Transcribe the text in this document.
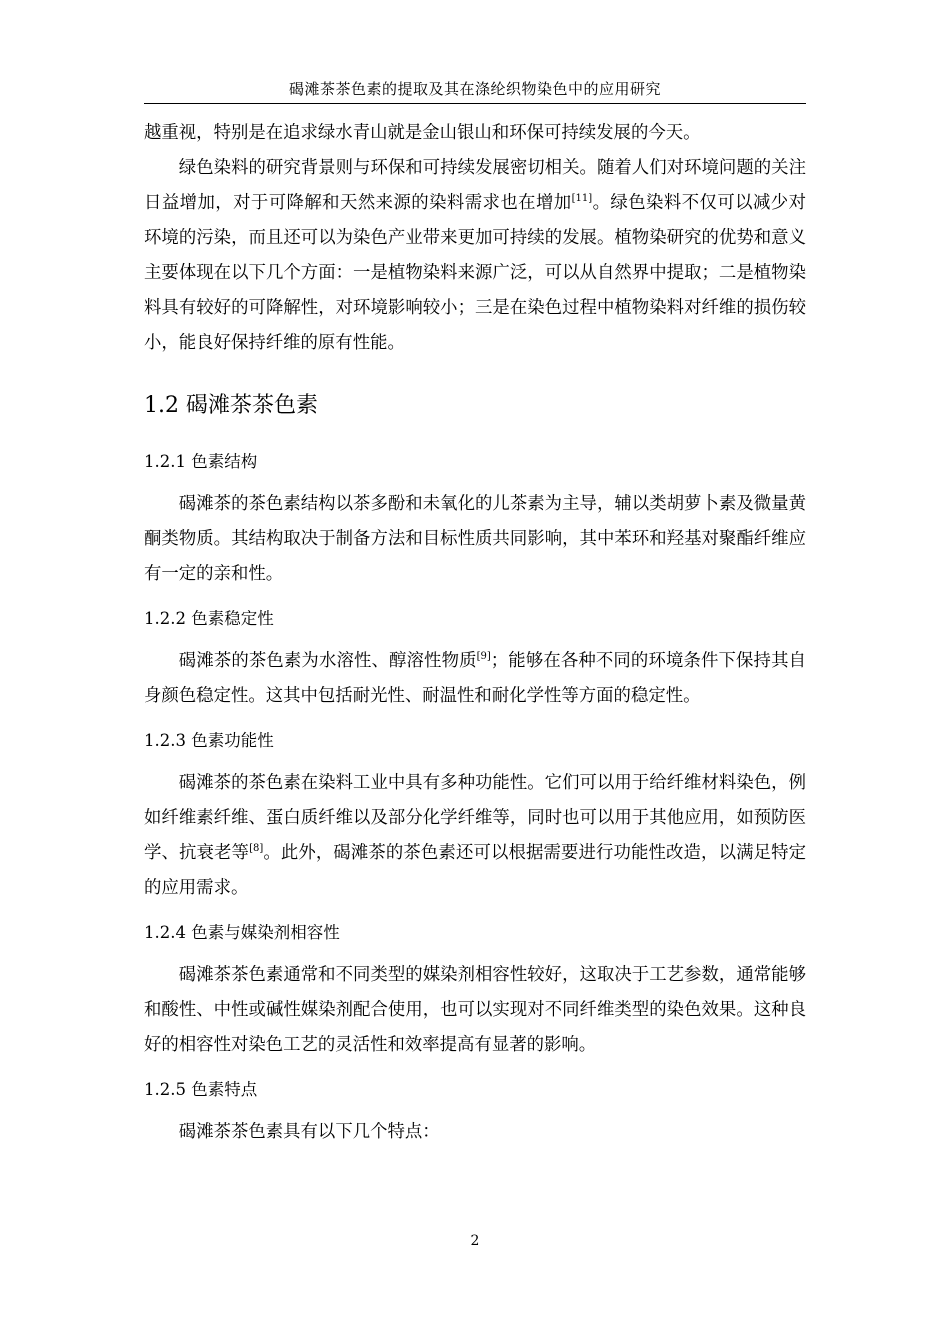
碣滩茶茶色素的提取及其在涤纶织物染色中的应用研究

越重视，特别是在追求绿水青山就是金山银山和环保可持续发展的今天。

绿色染料的研究背景则与环保和可持续发展密切相关。随着人们对环境问题的关注日益增加，对于可降解和天然来源的染料需求也在增加[11]。绿色染料不仅可以减少对环境的污染，而且还可以为染色产业带来更加可持续的发展。植物染研究的优势和意义主要体现在以下几个方面：一是植物染料来源广泛，可以从自然界中提取；二是植物染料具有较好的可降解性，对环境影响较小；三是在染色过程中植物染料对纤维的损伤较小，能良好保持纤维的原有性能。

1.2 碣滩茶茶色素
1.2.1 色素结构

碣滩茶的茶色素结构以茶多酚和未氧化的儿茶素为主导，辅以类胡萝卜素及微量黄酮类物质。其结构取决于制备方法和目标性质共同影响，其中苯环和羟基对聚酯纤维应有一定的亲和性。

1.2.2 色素稳定性

碣滩茶的茶色素为水溶性、醇溶性物质[9]；能够在各种不同的环境条件下保持其自身颜色稳定性。这其中包括耐光性、耐温性和耐化学性等方面的稳定性。

1.2.3 色素功能性

碣滩茶的茶色素在染料工业中具有多种功能性。它们可以用于给纤维材料染色，例如纤维素纤维、蛋白质纤维以及部分化学纤维等，同时也可以用于其他应用，如预防医学、抗衰老等[8]。此外，碣滩茶的茶色素还可以根据需要进行功能性改造，以满足特定的应用需求。

1.2.4 色素与媒染剂相容性

碣滩茶茶色素通常和不同类型的媒染剂相容性较好，这取决于工艺参数，通常能够和酸性、中性或碱性媒染剂配合使用，也可以实现对不同纤维类型的染色效果。这种良好的相容性对染色工艺的灵活性和效率提高有显著的影响。

1.2.5 色素特点

碣滩茶茶色素具有以下几个特点：

2
